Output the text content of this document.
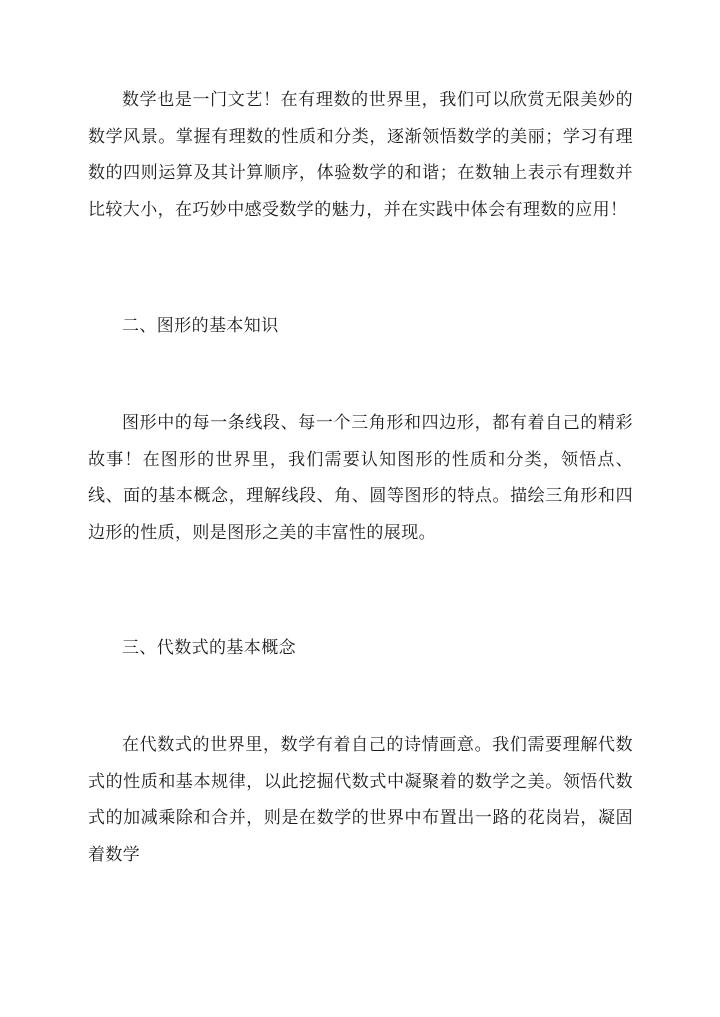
数学也是一门文艺！在有理数的世界里，我们可以欣赏无限美妙的数学风景。掌握有理数的性质和分类，逐渐领悟数学的美丽；学习有理数的四则运算及其计算顺序，体验数学的和谐；在数轴上表示有理数并比较大小，在巧妙中感受数学的魅力，并在实践中体会有理数的应用！

二、图形的基本知识

图形中的每一条线段、每一个三角形和四边形，都有着自己的精彩故事！在图形的世界里，我们需要认知图形的性质和分类，领悟点、线、面的基本概念，理解线段、角、圆等图形的特点。描绘三角形和四边形的性质，则是图形之美的丰富性的展现。

三、代数式的基本概念

在代数式的世界里，数学有着自己的诗情画意。我们需要理解代数式的性质和基本规律，以此挖掘代数式中凝聚着的数学之美。领悟代数式的加减乘除和合并，则是在数学的世界中布置出一路的花岗岩，凝固着数学
